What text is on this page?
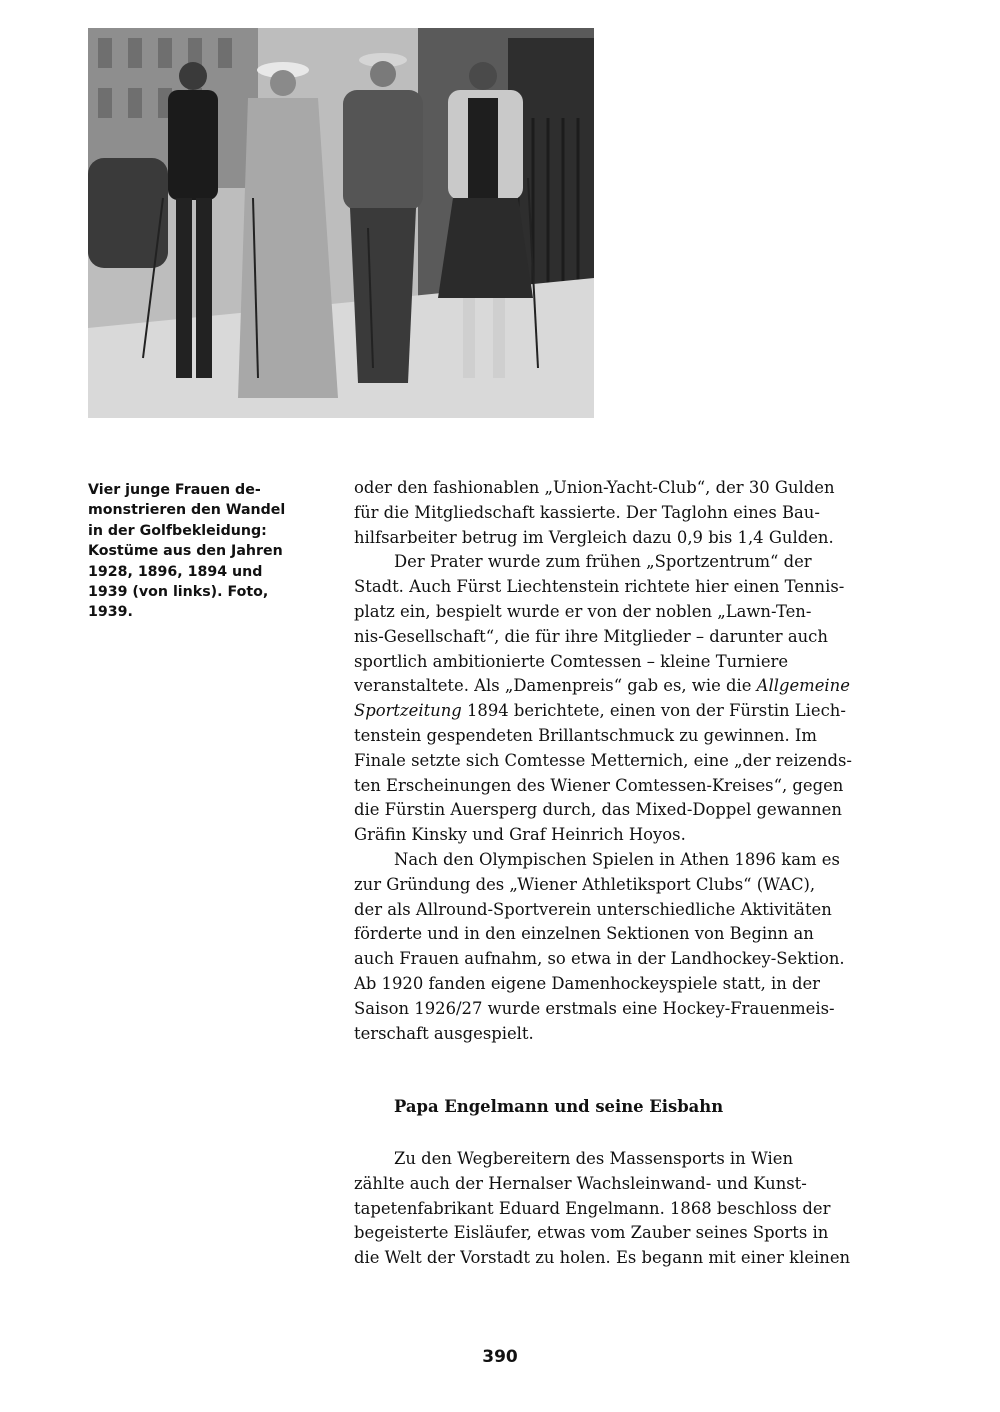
Vier junge Frauen de-
monstrieren den Wandel
in der Golfbekleidung:
Kostüme aus den Jahren
1928, 1896, 1894 und
1939 (von links). Foto,
1939.
oder den fashionablen „Union-Yacht-Club“, der 30 Gulden
für die Mitgliedschaft kassierte. Der Taglohn eines Bau-
hilfsarbeiter betrug im Vergleich dazu 0,9 bis 1,4 Gulden.
Der Prater wurde zum frühen „Sportzentrum“ der
Stadt. Auch Fürst Liechtenstein richtete hier einen Tennis-
platz ein, bespielt wurde er von der noblen „Lawn-Ten-
nis-Gesellschaft“, die für ihre Mitglieder – darunter auch
sportlich ambitionierte Comtessen – kleine Turniere
veranstaltete. Als „Damenpreis“ gab es, wie die Allgemeine
Sportzeitung 1894 berichtete, einen von der Fürstin Liech-
tenstein gespendeten Brillantschmuck zu gewinnen. Im
Finale setzte sich Comtesse Metternich, eine „der reizends-
ten Erscheinungen des Wiener Comtessen-Kreises“, gegen
die Fürstin Auersperg durch, das Mixed-Doppel gewannen
Gräfin Kinsky und Graf Heinrich Hoyos.
Nach den Olympischen Spielen in Athen 1896 kam es
zur Gründung des „Wiener Athletiksport Clubs“ (WAC),
der als Allround-Sportverein unterschiedliche Aktivitäten
förderte und in den einzelnen Sektionen von Beginn an
auch Frauen aufnahm, so etwa in der Landhockey-Sektion.
Ab 1920 fanden eigene Damenhockeyspiele statt, in der
Saison 1926/27 wurde erstmals eine Hockey-Frauenmeis-
terschaft ausgespielt.
Papa Engelmann und seine Eisbahn
Zu den Wegbereitern des Massensports in Wien
zählte auch der Hernalser Wachsleinwand- und Kunst-
tapetenfabrikant Eduard Engelmann. 1868 beschloss der
begeisterte Eisläufer, etwas vom Zauber seines Sports in
die Welt der Vorstadt zu holen. Es begann mit einer kleinen
390
